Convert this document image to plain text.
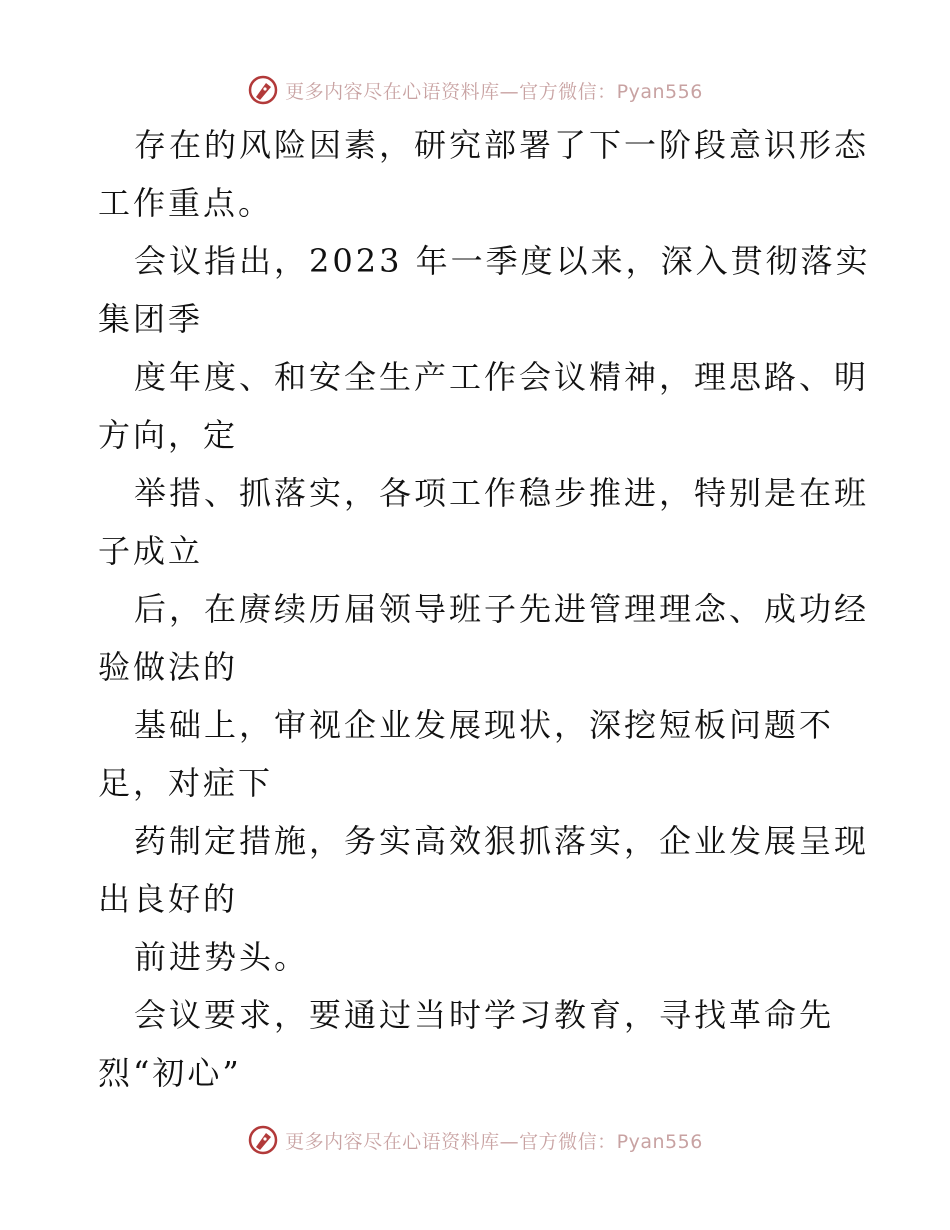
更多内容尽在心语资料库—官方微信：Pyan556
存在的风险因素，研究部署了下一阶段意识形态
工作重点。
会议指出，2023 年一季度以来，深入贯彻落实
集团季
度年度、和安全生产工作会议精神，理思路、明
方向，定
举措、抓落实，各项工作稳步推进，特别是在班
子成立
后，在赓续历届领导班子先进管理理念、成功经
验做法的
基础上，审视企业发展现状，深挖短板问题不
足，对症下
药制定措施，务实高效狠抓落实，企业发展呈现
出良好的
前进势头。
会议要求，要通过当时学习教育，寻找革命先
烈“初心”
更多内容尽在心语资料库—官方微信：Pyan556
